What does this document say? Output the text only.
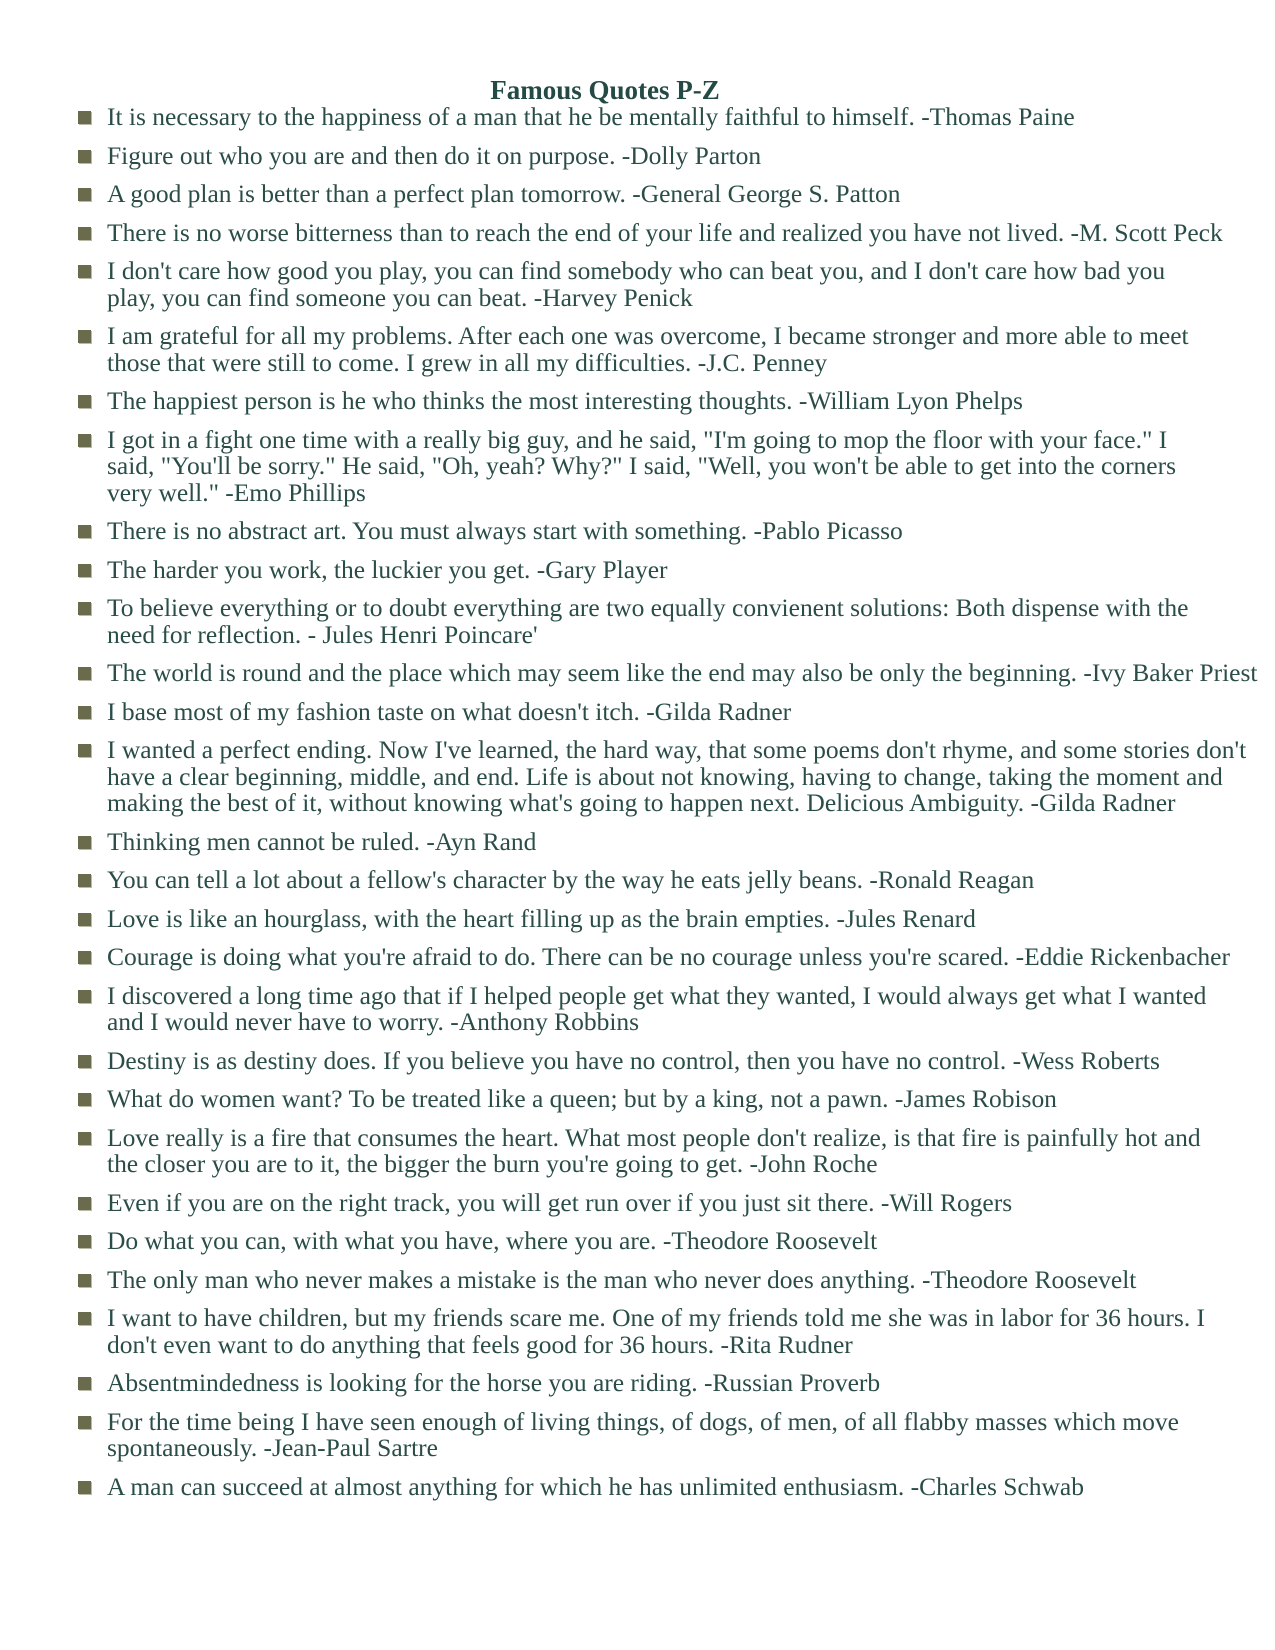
Famous Quotes P-Z
It is necessary to the happiness of a man that he be mentally faithful to himself. -Thomas Paine
Figure out who you are and then do it on purpose. -Dolly Parton
A good plan is better than a perfect plan tomorrow. -General George S. Patton
There is no worse bitterness than to reach the end of your life and realized you have not lived. -M. Scott Peck
I don't care how good you play, you can find somebody who can beat you, and I don't care how bad you
play, you can find someone you can beat. -Harvey Penick
I am grateful for all my problems. After each one was overcome, I became stronger and more able to meet
those that were still to come. I grew in all my difficulties. -J.C. Penney
The happiest person is he who thinks the most interesting thoughts. -William Lyon Phelps
I got in a fight one time with a really big guy, and he said, "I'm going to mop the floor with your face." I
said, "You'll be sorry." He said, "Oh, yeah? Why?" I said, "Well, you won't be able to get into the corners
very well." -Emo Phillips
There is no abstract art. You must always start with something. -Pablo Picasso
The harder you work, the luckier you get. -Gary Player
To believe everything or to doubt everything are two equally convienent solutions: Both dispense with the
need for reflection. - Jules Henri Poincare'
The world is round and the place which may seem like the end may also be only the beginning. -Ivy Baker Priest
I base most of my fashion taste on what doesn't itch. -Gilda Radner
I wanted a perfect ending. Now I've learned, the hard way, that some poems don't rhyme, and some stories don't
have a clear beginning, middle, and end. Life is about not knowing, having to change, taking the moment and
making the best of it, without knowing what's going to happen next. Delicious Ambiguity. -Gilda Radner
Thinking men cannot be ruled. -Ayn Rand
You can tell a lot about a fellow's character by the way he eats jelly beans. -Ronald Reagan
Love is like an hourglass, with the heart filling up as the brain empties. -Jules Renard
Courage is doing what you're afraid to do. There can be no courage unless you're scared. -Eddie Rickenbacher
I discovered a long time ago that if I helped people get what they wanted, I would always get what I wanted
and I would never have to worry. -Anthony Robbins
Destiny is as destiny does. If you believe you have no control, then you have no control. -Wess Roberts
What do women want? To be treated like a queen; but by a king, not a pawn. -James Robison
Love really is a fire that consumes the heart. What most people don't realize, is that fire is painfully hot and
the closer you are to it, the bigger the burn you're going to get. -John Roche
Even if you are on the right track, you will get run over if you just sit there. -Will Rogers
Do what you can, with what you have, where you are. -Theodore Roosevelt
The only man who never makes a mistake is the man who never does anything. -Theodore Roosevelt
I want to have children, but my friends scare me. One of my friends told me she was in labor for 36 hours. I
don't even want to do anything that feels good for 36 hours. -Rita Rudner
Absentmindedness is looking for the horse you are riding. -Russian Proverb
For the time being I have seen enough of living things, of dogs, of men, of all flabby masses which move
spontaneously. -Jean-Paul Sartre
A man can succeed at almost anything for which he has unlimited enthusiasm. -Charles Schwab
